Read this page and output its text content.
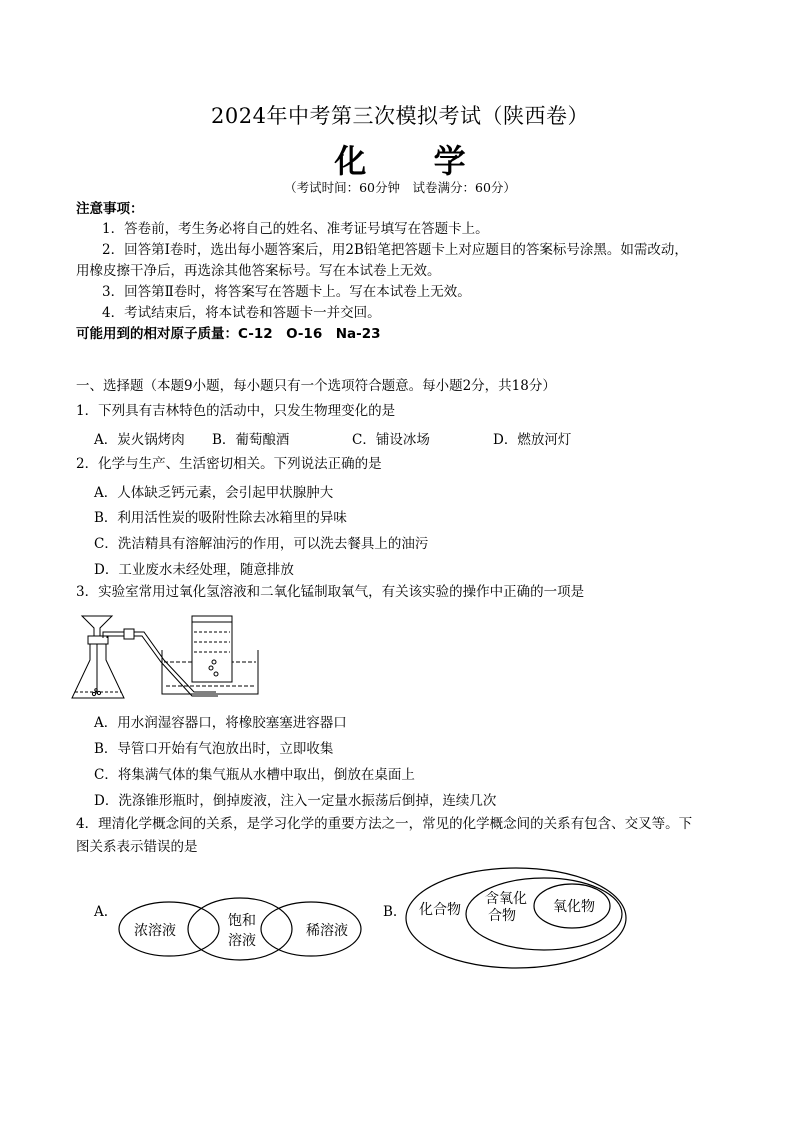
2024年中考第三次模拟考试（陕西卷）
化 学
（考试时间：60分钟　试卷满分：60分）
注意事项：
1．答卷前，考生务必将自己的姓名、准考证号填写在答题卡上。
2．回答第Ⅰ卷时，选出每小题答案后，用2B铅笔把答题卡上对应题目的答案标号涂黑。如需改动，
用橡皮擦干净后，再选涂其他答案标号。写在本试卷上无效。
3．回答第Ⅱ卷时，将答案写在答题卡上。写在本试卷上无效。
4．考试结束后，将本试卷和答题卡一并交回。
可能用到的相对原子质量：C-12　O-16　Na-23
一、选择题（本题9小题，每小题只有一个选项符合题意。每小题2分，共18分）
1．下列具有吉林特色的活动中，只发生物理变化的是
A．炭火锅烤肉 B．葡萄酿酒	C．铺设冰场	D．燃放河灯
2．化学与生产、生活密切相关。下列说法正确的是
A．人体缺乏钙元素，会引起甲状腺肿大
B．利用活性炭的吸附性除去冰箱里的异味
C．洗洁精具有溶解油污的作用，可以洗去餐具上的油污
D．工业废水未经处理，随意排放
3．实验室常用过氧化氢溶液和二氧化锰制取氧气，有关该实验的操作中正确的一项是
A．用水润湿容器口，将橡胶塞塞进容器口
B．导管口开始有气泡放出时，立即收集
C．将集满气体的集气瓶从水槽中取出，倒放在桌面上
D．洗涤锥形瓶时，倒掉废液，注入一定量水振荡后倒掉，连续几次
4．理清化学概念间的关系，是学习化学的重要方法之一，常见的化学概念间的关系有包含、交叉等。下
图关系表示错误的是
A.
浓溶液
饱和
溶液
稀溶液
B. 化合物
含氧化
合物
氧化物
